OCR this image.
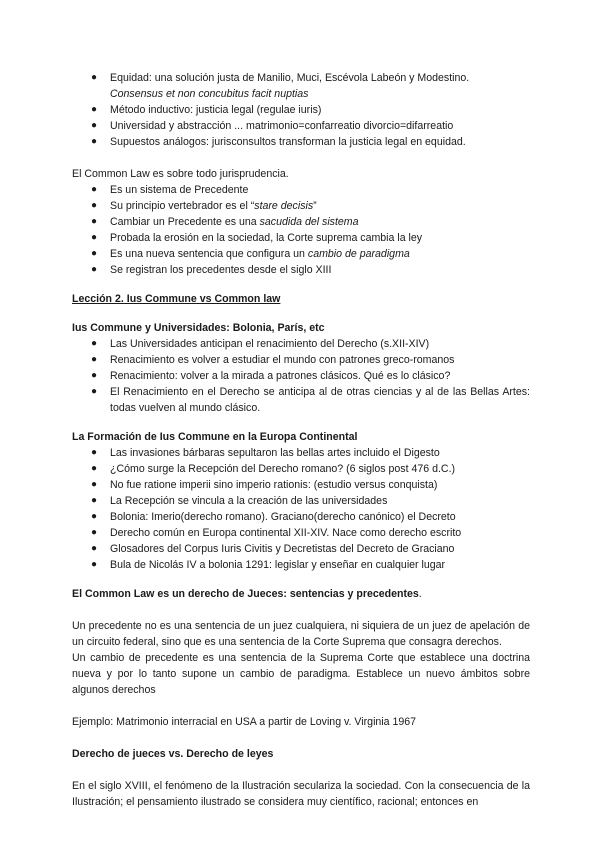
● Equidad: una solución justa de Manilio, Muci, Escévola Labeón y Modestino.
Consensus et non concubitus facit nuptias
● Método inductivo: justicia legal (regulae iuris)
● Universidad y abstracción ... matrimonio=confarreatio divorcio=difarreatio
● Supuestos análogos: jurisconsultos transforman la justicia legal en equidad.

El Common Law es sobre todo jurisprudencia.

● Es un sistema de Precedente
● Su principio vertebrador es el “stare decisis”
● Cambiar un Precedente es una sacudida del sistema
● Probada la erosión en la sociedad, la Corte suprema cambia la ley
● Es una nueva sentencia que configura un cambio de paradigma
● Se registran los precedentes desde el siglo XIII

Lección 2. Ius Commune vs Common law

Ius Commune y Universidades: Bolonia, París, etc

● Las Universidades anticipan el renacimiento del Derecho (s.XII-XIV)
● Renacimiento es volver a estudiar el mundo con patrones greco-romanos
● Renacimiento: volver a la mirada a patrones clásicos. Qué es lo clásico?
● El Renacimiento en el Derecho se anticipa al de otras ciencias y al de las Bellas Artes: todas vuelven al mundo clásico.

La Formación de Ius Commune en la Europa Continental

● Las invasiones bárbaras sepultaron las bellas artes incluido el Digesto
● ¿Cómo surge la Recepción del Derecho romano? (6 siglos post 476 d.C.)
● No fue ratione imperii sino imperio rationis: (estudio versus conquista)
● La Recepción se vincula a la creación de las universidades
● Bolonia: Imerio(derecho romano). Graciano(derecho canónico) el Decreto
● Derecho común en Europa continental XII-XIV. Nace como derecho escrito
● Glosadores del Corpus Iuris Civitis y Decretistas del Decreto de Graciano
● Bula de Nicolás IV a bolonia 1291: legislar y enseñar en cualquier lugar

El Common Law es un derecho de Jueces: sentencias y precedentes.

Un precedente no es una sentencia de un juez cualquiera, ni siquiera de un juez de apelación de un circuito federal, sino que es una sentencia de la Corte Suprema que consagra derechos.

Un cambio de precedente es una sentencia de la Suprema Corte que establece una doctrina nueva y por lo tanto supone un cambio de paradigma. Establece un nuevo ámbitos sobre algunos derechos

Ejemplo: Matrimonio interracial en USA a partir de Loving v. Virginia 1967

Derecho de jueces vs. Derecho de leyes

En el siglo XVIII, el fenómeno de la Ilustración seculariza la sociedad. Con la consecuencia de la Ilustración; el pensamiento ilustrado se considera muy científico, racional; entonces en
